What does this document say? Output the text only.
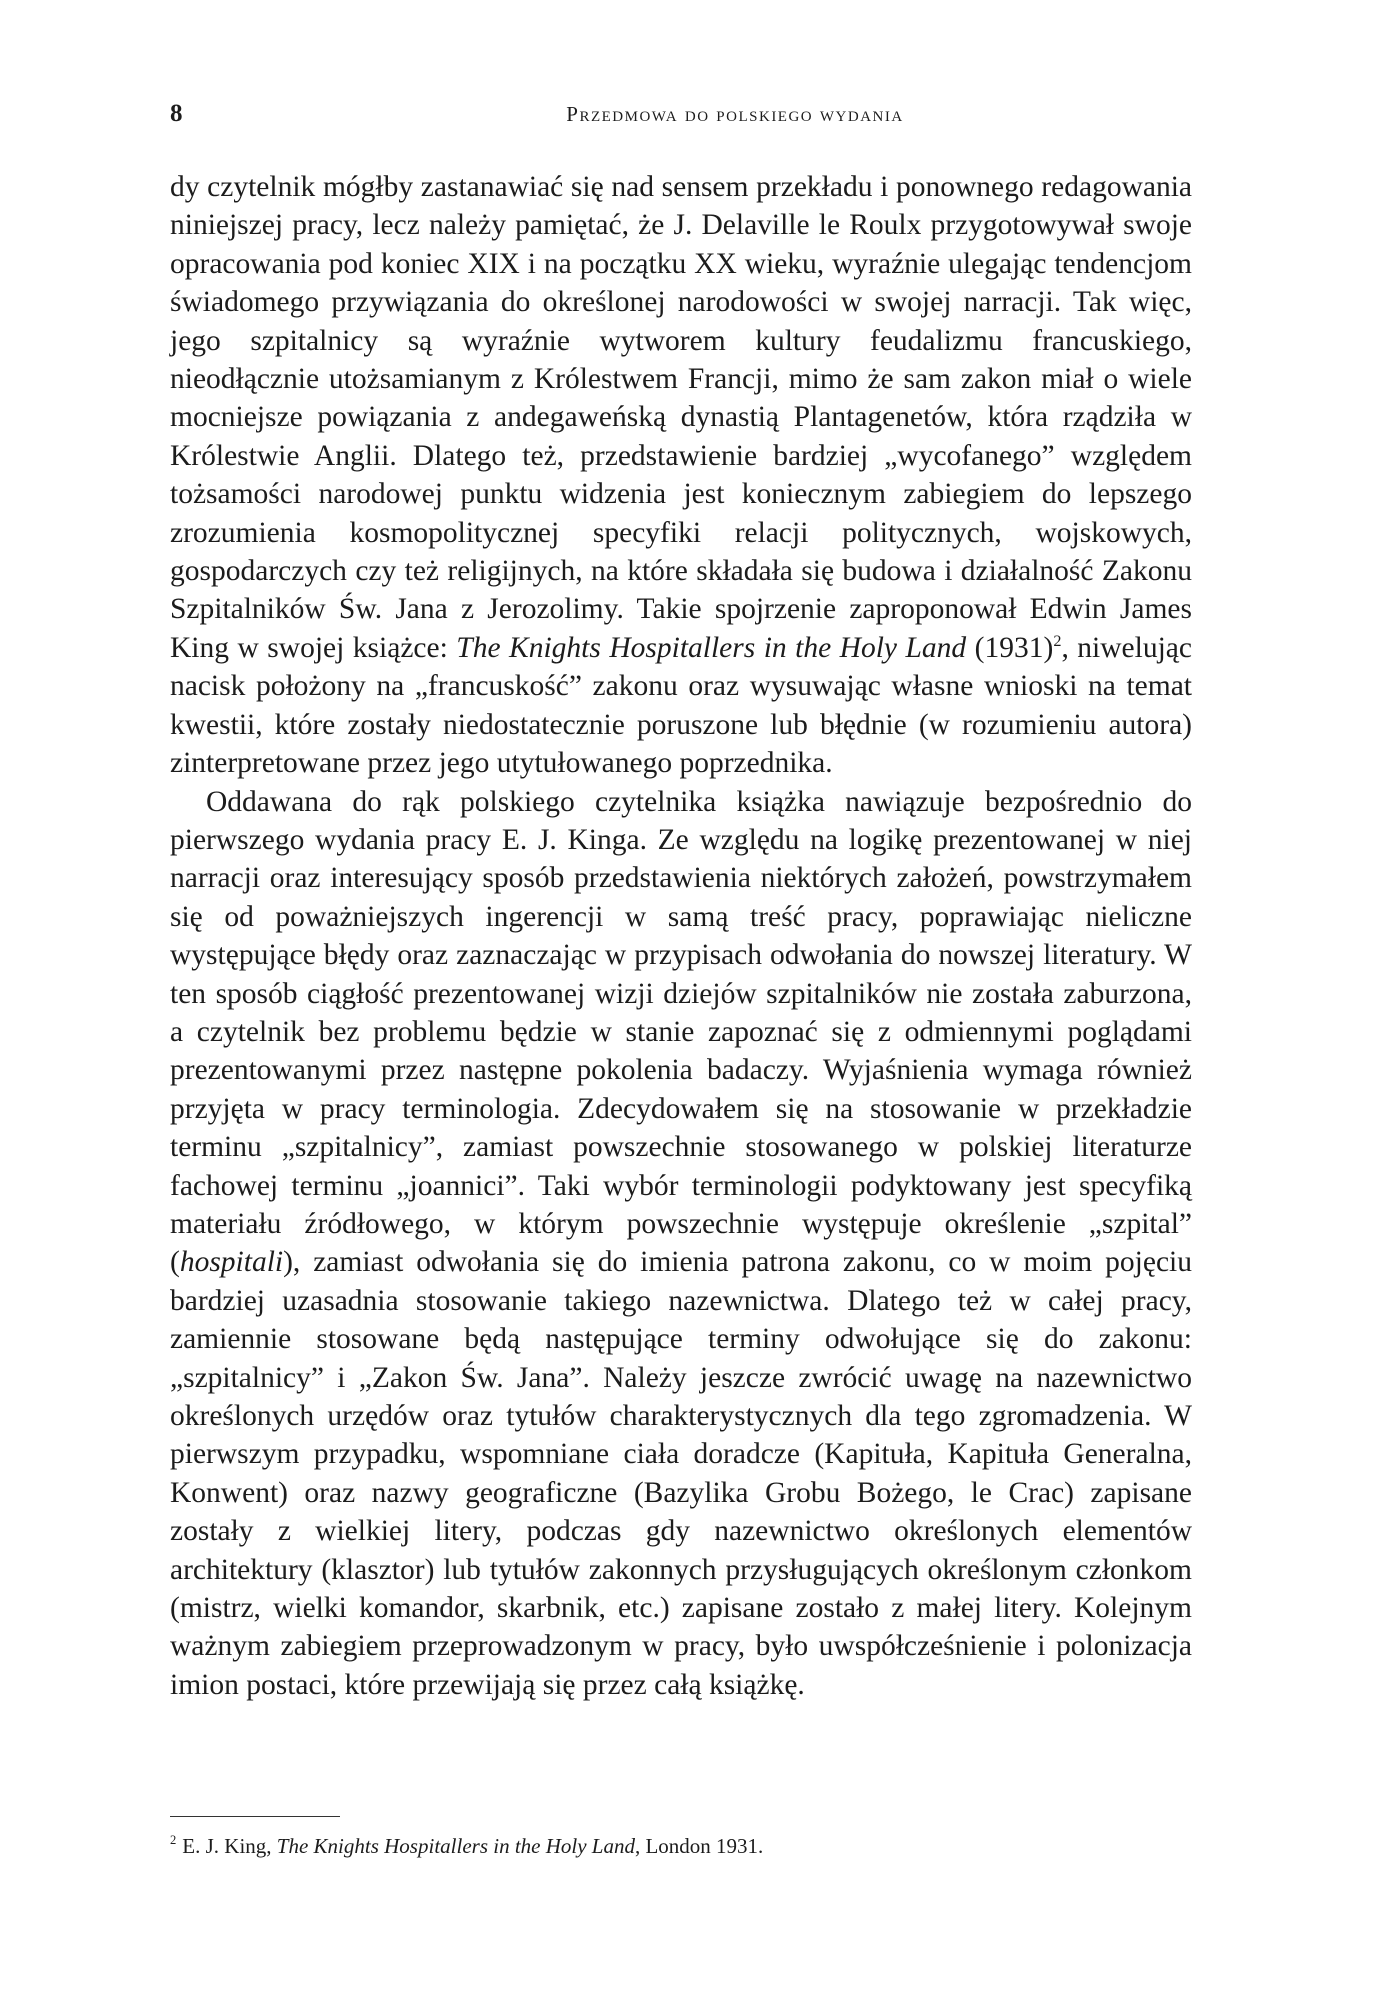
8	Przedmowa do polskiego wydania

dy czytelnik mógłby zastanawiać się nad sensem przekładu i ponownego redagowania niniejszej pracy, lecz należy pamiętać, że J. Delaville le Roulx przygotowywał swoje opracowania pod koniec XIX i na początku XX wieku, wyraźnie ulegając tendencjom świadomego przywiązania do określonej narodowości w swojej narracji. Tak więc, jego szpitalnicy są wyraźnie wytworem kultury feudalizmu francuskiego, nieodłącznie utożsamianym z Królestwem Francji, mimo że sam zakon miał o wiele mocniejsze powiązania z andegaweńską dynastią Plantagenetów, która rządziła w Królestwie Anglii. Dlatego też, przedstawienie bardziej „wycofanego” względem tożsamości narodowej punktu widzenia jest koniecznym zabiegiem do lepszego zrozumienia kosmopolitycznej specyfiki relacji politycznych, wojskowych, gospodarczych czy też religijnych, na które składała się budowa i działalność Zakonu Szpitalników Św. Jana z Jerozolimy. Takie spojrzenie zaproponował Edwin James King w swojej książce: The Knights Hospitallers in the Holy Land $(1931)^2$, niwelując nacisk położony na „francuskość” zakonu oraz wysuwając własne wnioski na temat kwestii, które zostały niedostatecznie poruszone lub błędnie (w rozumieniu autora) zinterpretowane przez jego utytułowanego poprzednika.

Oddawana do rąk polskiego czytelnika książka nawiązuje bezpośrednio do pierwszego wydania pracy E. J. Kinga. Ze względu na logikę prezentowanej w niej narracji oraz interesujący sposób przedstawienia niektórych założeń, powstrzymałem się od poważniejszych ingerencji w samą treść pracy, poprawiając nieliczne występujące błędy oraz zaznaczając w przypisach odwołania do nowszej literatury. W ten sposób ciągłość prezentowanej wizji dziejów szpitalników nie została zaburzona, a czytelnik bez problemu będzie w stanie zapoznać się z odmiennymi poglądami prezentowanymi przez następne pokolenia badaczy. Wyjaśnienia wymaga również przyjęta w pracy terminologia. Zdecydowałem się na stosowanie w przekładzie terminu „szpitalnicy”, zamiast powszechnie stosowanego w polskiej literaturze fachowej terminu „joannici”. Taki wybór terminologii podyktowany jest specyfiką materiału źródłowego, w którym powszechnie występuje określenie „szpital” (hospitali), zamiast odwołania się do imienia patrona zakonu, co w moim pojęciu bardziej uzasadnia stosowanie takiego nazewnictwa. Dlatego też w całej pracy, zamiennie stosowane będą następujące terminy odwołujące się do zakonu: „szpitalnicy” i „Zakon Św. Jana”. Należy jeszcze zwrócić uwagę na nazewnictwo określonych urzędów oraz tytułów charakterystycznych dla tego zgromadzenia. W pierwszym przypadku, wspomniane ciała doradcze (Kapituła, Kapituła Generalna, Konwent) oraz nazwy geograficzne (Bazylika Grobu Bożego, le Crac) zapisane zostały z wielkiej litery, podczas gdy nazewnictwo określonych elementów architektury (klasztor) lub tytułów zakonnych przysługujących określonym członkom (mistrz, wielki komandor, skarbnik, etc.) zapisane zostało z małej litery. Kolejnym ważnym zabiegiem przeprowadzonym w pracy, było uwspółcześnienie i polonizacja imion postaci, które przewijają się przez całą książkę.

$^2$ E. J. King, The Knights Hospitallers in the Holy Land, London 1931.
